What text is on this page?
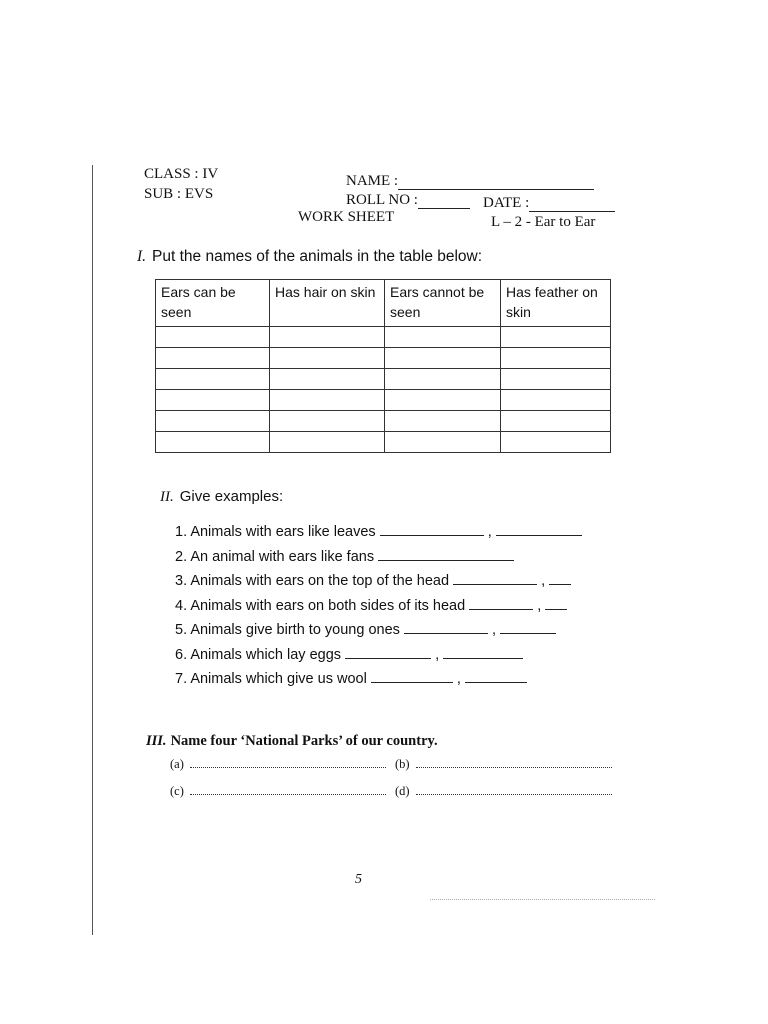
CLASS : IV
SUB : EVS
NAME :
ROLL NO :	DATE :
WORK SHEET	L – 2 - Ear to Ear
I. Put the names of the animals in the table below:
Ears can be seen	Has hair on skin	Ears cannot be seen	Has feather on skin

II. Give examples:
1. Animals with ears like leaves	,
2. An animal with ears like fans
3. Animals with ears on the top of the head	,
4. Animals with ears on both sides of its head	,
5. Animals give birth to young ones	,
6. Animals which lay eggs	,
7. Animals which give us wool	,
III. Name four ‘National Parks’ of our country.
(a)	(b)
(c)	(d)
5
